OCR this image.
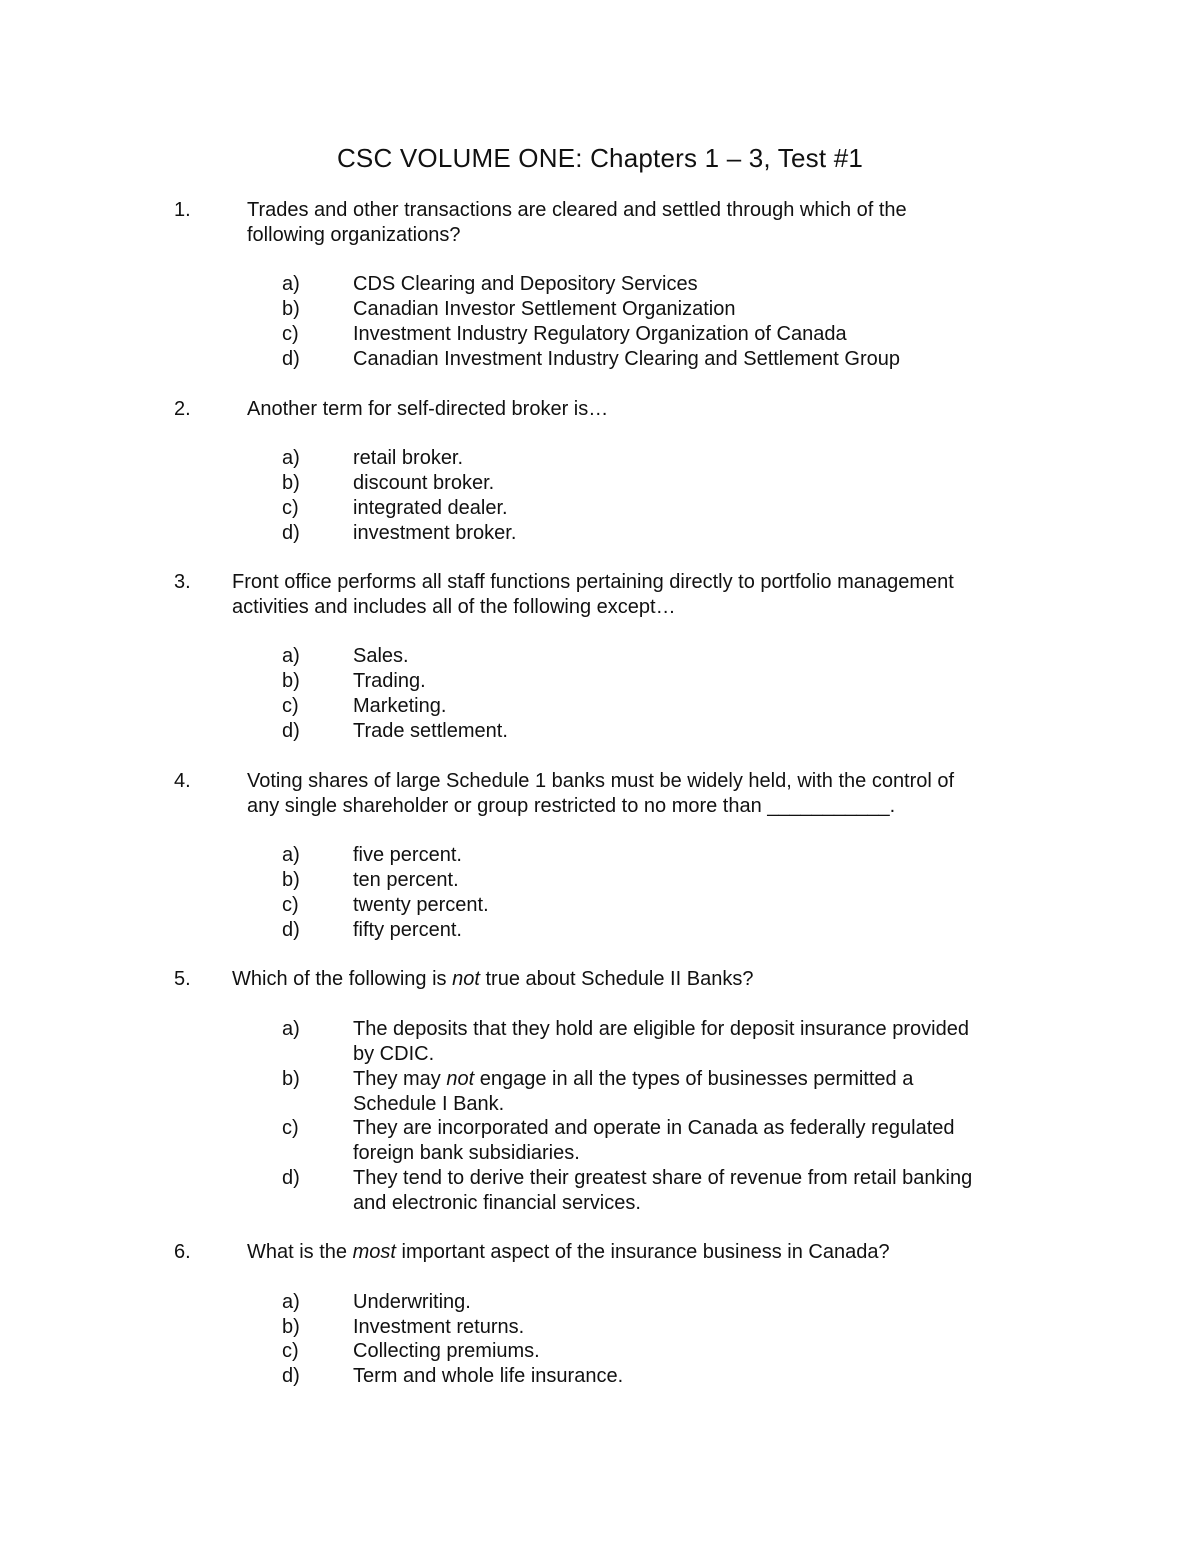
CSC VOLUME ONE: Chapters 1 – 3, Test #1
1.	Trades and other transactions are cleared and settled through which of the
following organizations?
a)	CDS Clearing and Depository Services
b)	Canadian Investor Settlement Organization
c)	Investment Industry Regulatory Organization of Canada
d)	Canadian Investment Industry Clearing and Settlement Group
2.	Another term for self-directed broker is…
a)	retail broker.
b)	discount broker.
c)	integrated dealer.
d)	investment broker.
3. Front office performs all staff functions pertaining directly to portfolio management
activities and includes all of the following except…
a)	Sales.
b)	Trading.
c)	Marketing.
d)	Trade settlement.
4.	Voting shares of large Schedule 1 banks must be widely held, with the control of
any single shareholder or group restricted to no more than ___________.
a)	five percent.
b)	ten percent.
c)	twenty percent.
d)	fifty percent.
5. Which of the following is not true about Schedule II Banks?
a)	The deposits that they hold are eligible for deposit insurance provided
by CDIC.
b)	They may not engage in all the types of businesses permitted a
Schedule I Bank.
c)	They are incorporated and operate in Canada as federally regulated
foreign bank subsidiaries.
d)	They tend to derive their greatest share of revenue from retail banking
and electronic financial services.
6.	What is the most important aspect of the insurance business in Canada?
a)	Underwriting.
b)	Investment returns.
c)	Collecting premiums.
d)	Term and whole life insurance.
